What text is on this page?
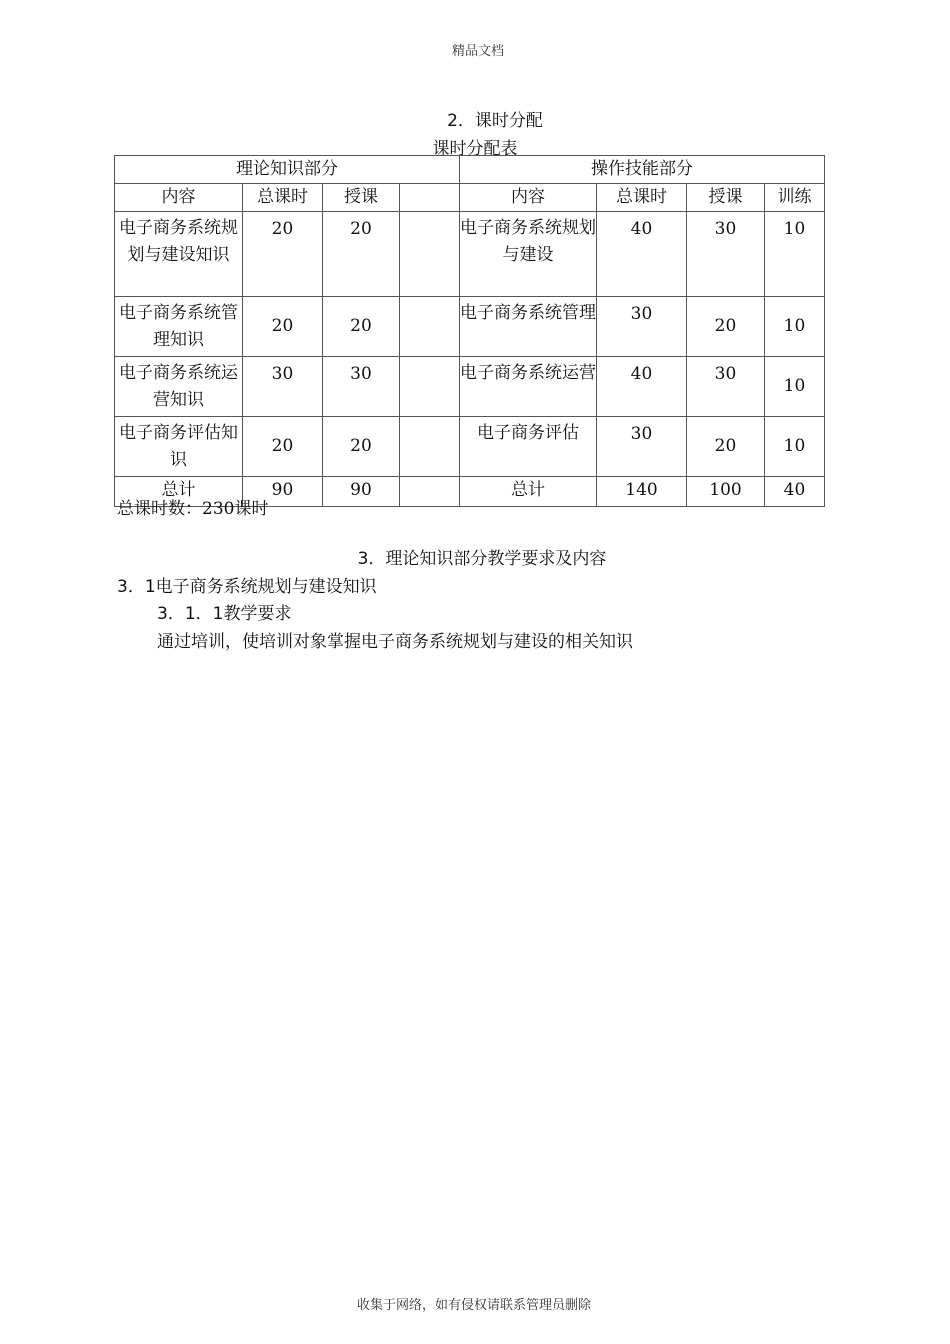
精品文档
2．课时分配
课时分配表
理论知识部分				操作技能部分			
内容	总课时	授课		内容	总课时	授课	训练
电子商务系统规划与建设知识	20	20		电子商务系统规划与建设	40	30	10
电子商务系统管理知识	20	20		电子商务系统管理	30	20	10
电子商务系统运营知识	30	30		电子商务系统运营	40	30	10
电子商务评估知识	20	20		电子商务评估	30	20	10
总计	90	90		总计	140	100	40
总课时数：230课时
3．理论知识部分教学要求及内容
3．1电子商务系统规划与建设知识
3．1．1教学要求
通过培训，使培训对象掌握电子商务系统规划与建设的相关知识
收集于网络，如有侵权请联系管理员删除
